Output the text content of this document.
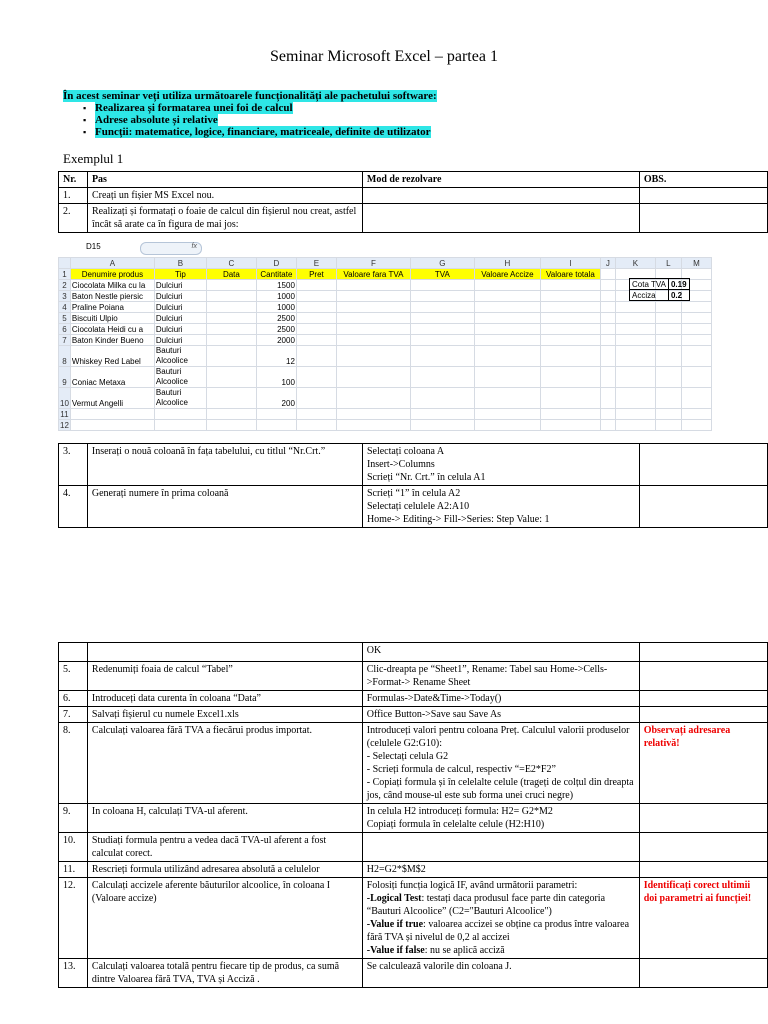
Seminar Microsoft Excel – partea 1
În acest seminar veți utiliza următoarele funcționalități ale pachetului software:
▪ Realizarea și formatarea unei foi de calcul
▪ Adrese absolute și relative
▪ Funcții: matematice, logice, financiare, matriceale, definite de utilizator
Exemplul 1
Nr.	Pas	Mod de rezolvare	OBS.
1.	Creați un fișier MS Excel nou.		
2.	Realizați și formatați o foaie de calcul din fișierul nou creat, astfel încât să arate ca în figura de mai jos:		
D15	fx
	A	B	C	D	E	F	G	H	I	J	K	L	M
1	Denumire produs	Tip	Data	Cantitate	Pret	Valoare fara TVA	TVA	Valoare Accize	Valoare totala				
2	Ciocolata Milka cu la	Dulciuri		1500									
3	Baton Nestle piersic	Dulciuri		1000									
4	Praline Poiana	Dulciuri		1000									
5	Biscuiti Ulpio	Dulciuri		2500									
6	Ciocolata Heidi cu a	Dulciuri		2500									
7	Baton Kinder Bueno	Dulciuri		2000									
8	Whiskey Red Label	Bauturi Alcoolice		12									
9	Coniac Metaxa	Bauturi Alcoolice		100									
10	Vermut Angelli	Bauturi Alcoolice		200									
11													
12													
Cota TVA	0.19
Acciza	0.2
3.	Inserați o nouă coloană în fața tabelului, cu titlul “Nr.Crt.”	Selectați coloana A
Insert->Columns
Scrieți “Nr. Crt.” în celula A1	

4.	Generați numere în prima coloană	Scrieți “1” în celula A2
Selectați celulele A2:A10
Home-> Editing-> Fill->Series: Step Value: 1	

		OK	
5.	Redenumiți foaia de calcul “Tabel”	Clic-dreapta pe “Sheet1”, Rename: Tabel sau Home->Cells->Format-> Rename Sheet	
6.	Introduceți data curenta în coloana “Data”	Formulas->Date&Time->Today()	
7.	Salvați fișierul cu numele Excel1.xls	Office Button->Save sau Save As	
8.	Calculați valoarea fără TVA a fiecărui produs importat.	Introduceți valori pentru coloana Preț. Calculul valorii produselor (celulele G2:G10):
- Selectați celula G2
- Scrieți formula de calcul, respectiv “=E2*F2”
- Copiați formula și în celelalte celule (trageți de colțul din dreapta jos, când mouse-ul este sub forma unei cruci negre)	Observați adresarea relativă!
9.	In coloana H, calculați TVA-ul aferent.	In celula H2 introduceți formula: H2= G2*M2
Copiați formula în celelalte celule (H2:H10)	
10.	Studiați formula pentru a vedea dacă TVA-ul aferent a fost calculat corect.		
11.	Rescrieți formula utilizând adresarea absolută a celulelor	H2=G2*$M$2	
12.	Calculați accizele aferente băuturilor alcoolice, în coloana I (Valoare accize)	Folosiți funcția logică IF, având următorii parametri:
-Logical Test: testați daca produsul face parte din categoria “Bauturi Alcoolice” (C2="Bauturi Alcoolice")
-Value if true: valoarea accizei se obține ca produs între valoarea fără TVA și nivelul de 0,2 al accizei
-Value if false: nu se aplică acciză	Identificați corect ultimii doi parametri ai funcției!
13.	Calculați valoarea totală pentru fiecare tip de produs, ca sumă dintre Valoarea fără TVA, TVA și Acciză .	Se calculează valorile din coloana J.	
